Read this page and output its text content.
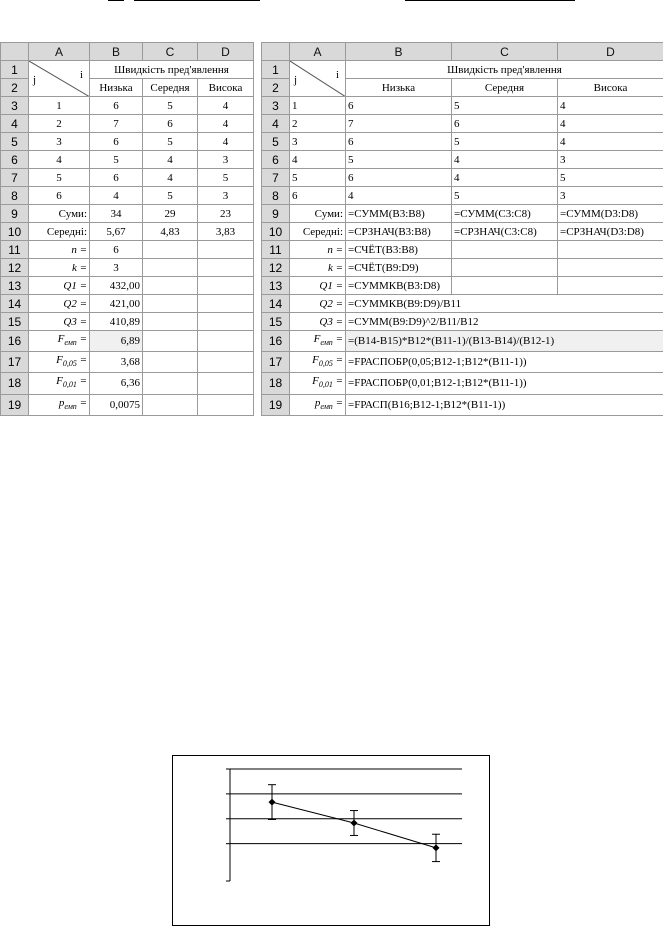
	A	B	C	D
1	j i	Швидкість пред'явлення		
2		Низька	Середня	Висока
3	1	6	5	4
4	2	7	6	4
5	3	6	5	4
6	4	5	4	3
7	5	6	4	5
8	6	4	5	3
9	Суми:	34	29	23
10	Середні:	5,67	4,83	3,83
11	n =	6		
12	k =	3		
13	Q1 =	432,00		
14	Q2 =	421,00		
15	Q3 =	410,89		
16	$F_{емп}$ =	6,89		
17	$F_{0,05}$ =	3,68		
18	$F_{0,01}$ =	6,36		
19	$p_{емп}$ =	0,0075		
	A	B	C	D
1	j i	Швидкість пред'явлення		
2		Низька	Середня	Висока
3	1	6	5	4
4	2	7	6	4
5	3	6	5	4
6	4	5	4	3
7	5	6	4	5
8	6	4	5	3
9	Суми:	=СУММ(B3:B8)	=СУММ(C3:C8)	=СУММ(D3:D8)
10	Середні:	=СРЗНАЧ(B3:B8)	=СРЗНАЧ(C3:C8)	=СРЗНАЧ(D3:D8)
11	n =	=СЧЁТ(B3:B8)		
12	k =	=СЧЁТ(B9:D9)		
13	Q1 =	=СУММКВ(B3:D8)		
14	Q2 =	=СУММКВ(B9:D9)/B11		
15	Q3 =	=СУММ(B9:D9)^2/B11/B12		
16	$F_{емп}$ =	=(B14-B15)*B12*(B11-1)/(B13-B14)/(B12-1)		
17	$F_{0,05}$ =	=FРАСПОБР(0,05;B12-1;B12*(B11-1))		
18	$F_{0,01}$ =	=FРАСПОБР(0,01;B12-1;B12*(B11-1))		
19	$p_{емп}$ =	=FРАСП(B16;B12-1;B12*(B11-1))		
